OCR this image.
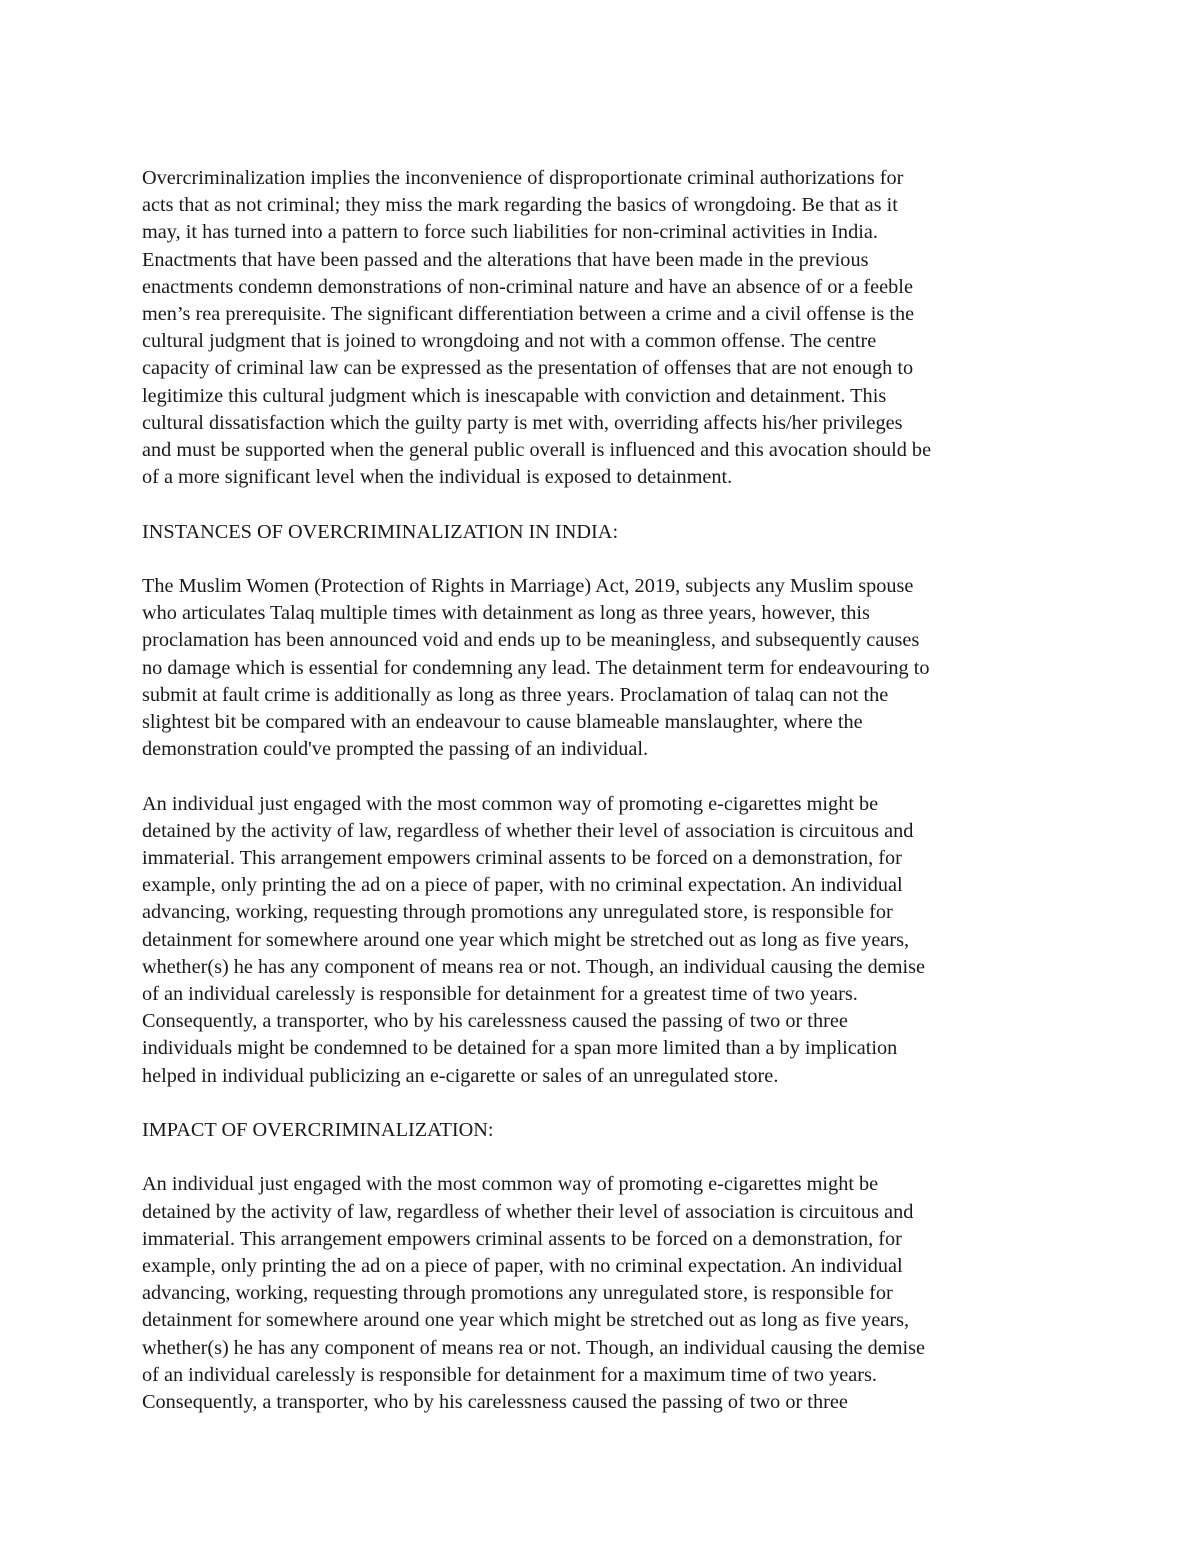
Overcriminalization implies the inconvenience of disproportionate criminal authorizations for
acts that as not criminal; they miss the mark regarding the basics of wrongdoing. Be that as it
may, it has turned into a pattern to force such liabilities for non-criminal activities in India.
Enactments that have been passed and the alterations that have been made in the previous
enactments condemn demonstrations of non-criminal nature and have an absence of or a feeble
men’s rea prerequisite. The significant differentiation between a crime and a civil offense is the
cultural judgment that is joined to wrongdoing and not with a common offense. The centre
capacity of criminal law can be expressed as the presentation of offenses that are not enough to
legitimize this cultural judgment which is inescapable with conviction and detainment. This
cultural dissatisfaction which the guilty party is met with, overriding affects his/her privileges
and must be supported when the general public overall is influenced and this avocation should be
of a more significant level when the individual is exposed to detainment.
INSTANCES OF OVERCRIMINALIZATION IN INDIA:
The Muslim Women (Protection of Rights in Marriage) Act, 2019, subjects any Muslim spouse
who articulates Talaq multiple times with detainment as long as three years, however, this
proclamation has been announced void and ends up to be meaningless, and subsequently causes
no damage which is essential for condemning any lead. The detainment term for endeavouring to
submit at fault crime is additionally as long as three years. Proclamation of talaq can not the
slightest bit be compared with an endeavour to cause blameable manslaughter, where the
demonstration could've prompted the passing of an individual.
An individual just engaged with the most common way of promoting e-cigarettes might be
detained by the activity of law, regardless of whether their level of association is circuitous and
immaterial. This arrangement empowers criminal assents to be forced on a demonstration, for
example, only printing the ad on a piece of paper, with no criminal expectation. An individual
advancing, working, requesting through promotions any unregulated store, is responsible for
detainment for somewhere around one year which might be stretched out as long as five years,
whether(s) he has any component of means rea or not. Though, an individual causing the demise
of an individual carelessly is responsible for detainment for a greatest time of two years.
Consequently, a transporter, who by his carelessness caused the passing of two or three
individuals might be condemned to be detained for a span more limited than a by implication
helped in individual publicizing an e-cigarette or sales of an unregulated store.
IMPACT OF OVERCRIMINALIZATION:
An individual just engaged with the most common way of promoting e-cigarettes might be
detained by the activity of law, regardless of whether their level of association is circuitous and
immaterial. This arrangement empowers criminal assents to be forced on a demonstration, for
example, only printing the ad on a piece of paper, with no criminal expectation. An individual
advancing, working, requesting through promotions any unregulated store, is responsible for
detainment for somewhere around one year which might be stretched out as long as five years,
whether(s) he has any component of means rea or not. Though, an individual causing the demise
of an individual carelessly is responsible for detainment for a maximum time of two years.
Consequently, a transporter, who by his carelessness caused the passing of two or three
